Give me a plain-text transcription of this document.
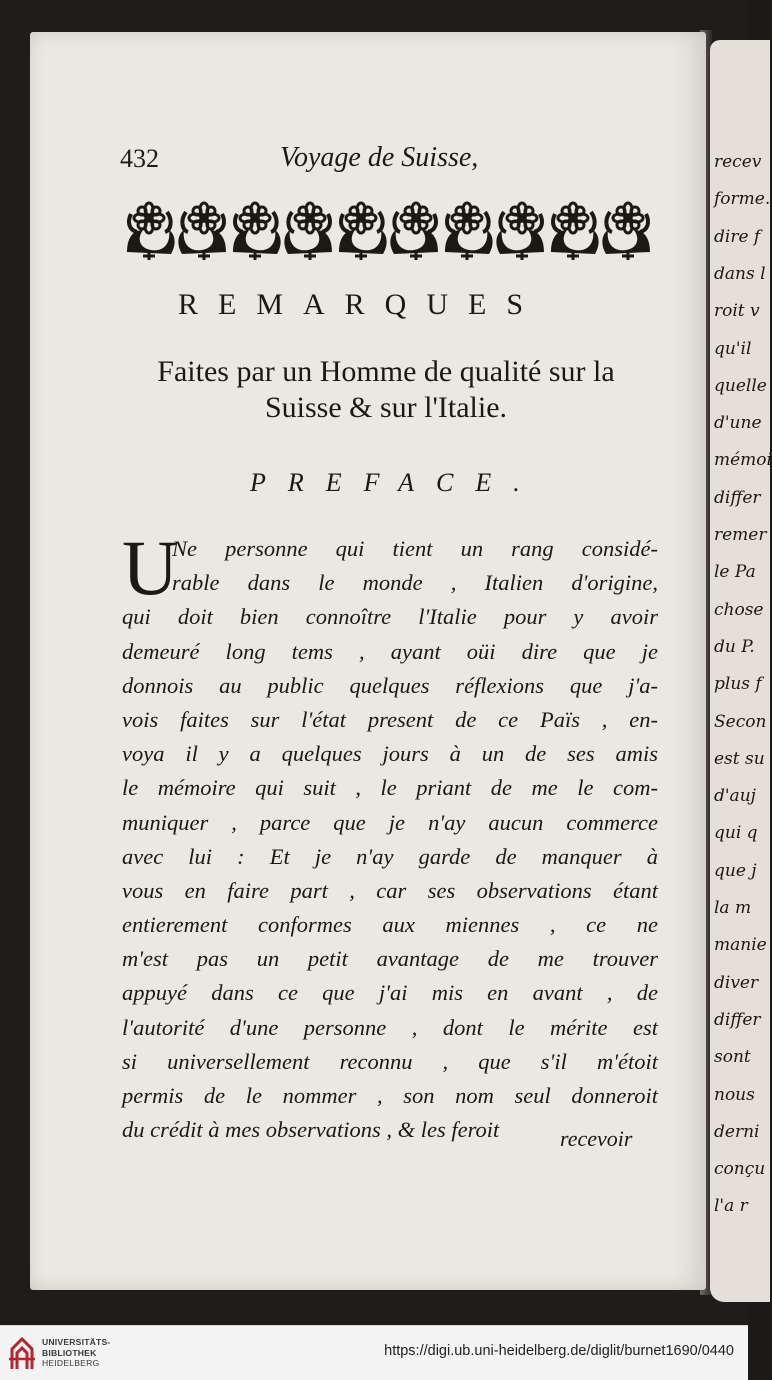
recev
forme.
dire f
dans l
roit v
qu'il
quelle
d'une
mémoi
differ
remer
le Pa
chose
du P.
plus f
Secon
est su
d'auj
qui q
que j
la m
manie
diver
differ
sont
nous
derni
conçu
l'a r
432	Voyage de Suisse,
REMARQUES
Faites par un Homme de qualité sur la
Suisse & sur l'Italie.
PREFACE.
U
Ne personne qui tient un rang considé-
rable dans le monde , Italien d'origine,
qui doit bien connoître l'Italie pour y avoir
demeuré long tems , ayant oüi dire que je
donnois au public quelques réflexions que j'a-
vois faites sur l'état present de ce Païs , en-
voya il y a quelques jours à un de ses amis
le mémoire qui suit , le priant de me le com-
muniquer , parce que je n'ay aucun commerce
avec lui : Et je n'ay garde de manquer à
vous en faire part , car ses observations étant
entierement conformes aux miennes , ce ne
m'est pas un petit avantage de me trouver
appuyé dans ce que j'ai mis en avant , de
l'autorité d'une personne , dont le mérite est
si universellement reconnu , que s'il m'étoit
permis de le nommer , son nom seul donneroit
du crédit à mes observations , & les feroit	recevoir
UNIVERSITÄTS-
BIBLIOTHEK
HEIDELBERG
https://digi.ub.uni-heidelberg.de/diglit/burnet1690/0440
